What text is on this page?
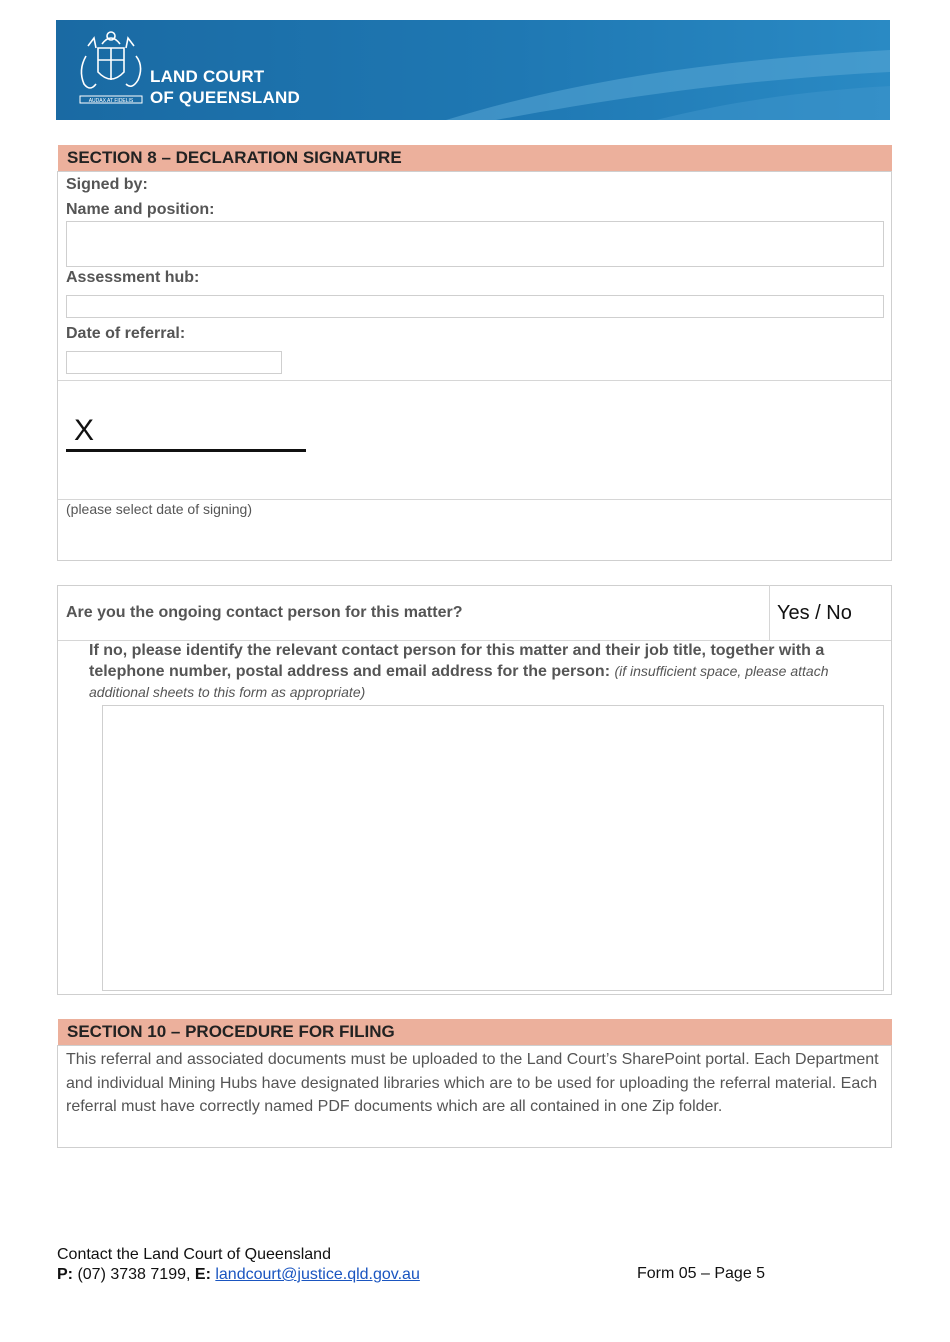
AUDAX AT FIDELIS
LAND COURT
OF QUEENSLAND
SECTION 8 – DECLARATION SIGNATURE
Signed by:
Name and position:
Assessment hub:
Date of referral:
X
(please select date of signing)
Are you the ongoing contact person for this matter?	Yes / No
If no, please identify the relevant contact person for this matter and their job title, together with a telephone number, postal address and email address for the person: (if insufficient space, please attach additional sheets to this form as appropriate)
SECTION 10 – PROCEDURE FOR FILING
This referral and associated documents must be uploaded to the Land Court’s SharePoint portal. Each Department and individual Mining Hubs have designated libraries which are to be used for uploading the referral material. Each referral must have correctly named PDF documents which are all contained in one Zip folder.
Contact the Land Court of Queensland
P: (07) 3738 7199, E: landcourt@justice.qld.gov.au	Form 05 – Page 5
